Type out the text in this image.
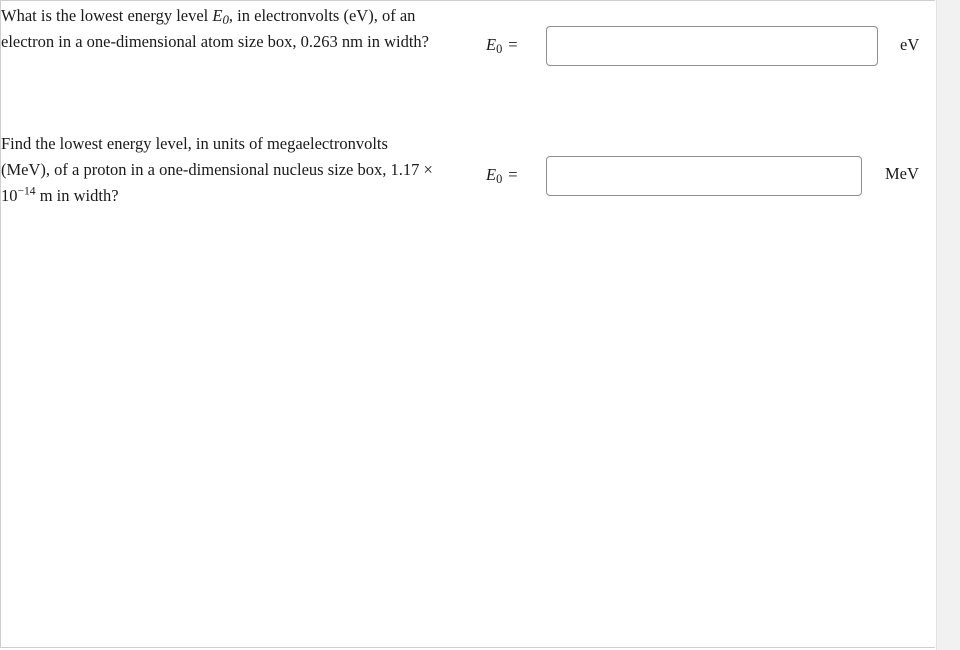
What is the lowest energy level $E_0$, in electronvolts (eV), of an electron in a one-dimensional atom size box, 0.263 nm in width?	$E_0$ =	eV
Find the lowest energy level, in units of megaelectronvolts (MeV), of a proton in a one-dimensional nucleus size box, $1.17 \times 10^{-14}$ m in width?
$E_0$ =	MeV
